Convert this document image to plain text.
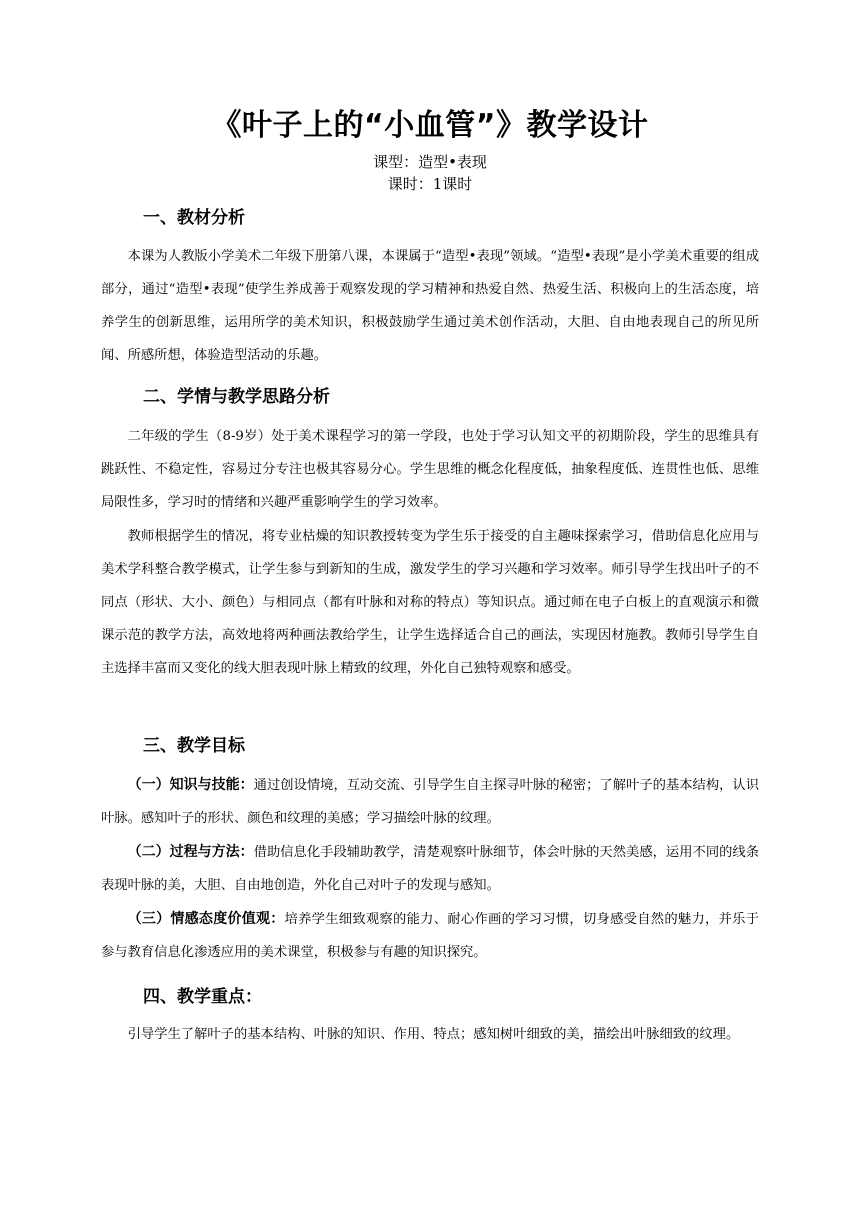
《叶子上的“小血管”》教学设计
课型：造型•表现
课时：1课时
一、教材分析

本课为人教版小学美术二年级下册第八课，本课属于“造型•表现”领域。“造型•表现”是小学美术重要的组成部分，通过“造型•表现”使学生养成善于观察发现的学习精神和热爱自然、热爱生活、积极向上的生活态度，培养学生的创新思维，运用所学的美术知识，积极鼓励学生通过美术创作活动，大胆、自由地表现自己的所见所闻、所感所想，体验造型活动的乐趣。

二、学情与教学思路分析

二年级的学生（8-9岁）处于美术课程学习的第一学段，也处于学习认知文平的初期阶段，学生的思维具有跳跃性、不稳定性，容易过分专注也极其容易分心。学生思维的概念化程度低，抽象程度低、连贯性也低、思维局限性多，学习时的情绪和兴趣严重影响学生的学习效率。

教师根据学生的情况，将专业枯燥的知识教授转变为学生乐于接受的自主趣味探索学习，借助信息化应用与美术学科整合教学模式，让学生参与到新知的生成，激发学生的学习兴趣和学习效率。师引导学生找出叶子的不同点（形状、大小、颜色）与相同点（都有叶脉和对称的特点）等知识点。通过师在电子白板上的直观演示和微课示范的教学方法，高效地将两种画法教给学生，让学生选择适合自己的画法，实现因材施教。教师引导学生自主选择丰富而又变化的线大胆表现叶脉上精致的纹理，外化自己独特观察和感受。

三、教学目标

（一）知识与技能：通过创设情境，互动交流、引导学生自主探寻叶脉的秘密；了解叶子的基本结构，认识叶脉。感知叶子的形状、颜色和纹理的美感；学习描绘叶脉的纹理。

（二）过程与方法：借助信息化手段辅助教学，清楚观察叶脉细节，体会叶脉的天然美感，运用不同的线条表现叶脉的美，大胆、自由地创造，外化自己对叶子的发现与感知。

（三）情感态度价值观：培养学生细致观察的能力、耐心作画的学习习惯，切身感受自然的魅力，并乐于参与教育信息化渗透应用的美术课堂，积极参与有趣的知识探究。

四、教学重点：

引导学生了解叶子的基本结构、叶脉的知识、作用、特点；感知树叶细致的美，描绘出叶脉细致的纹理。
